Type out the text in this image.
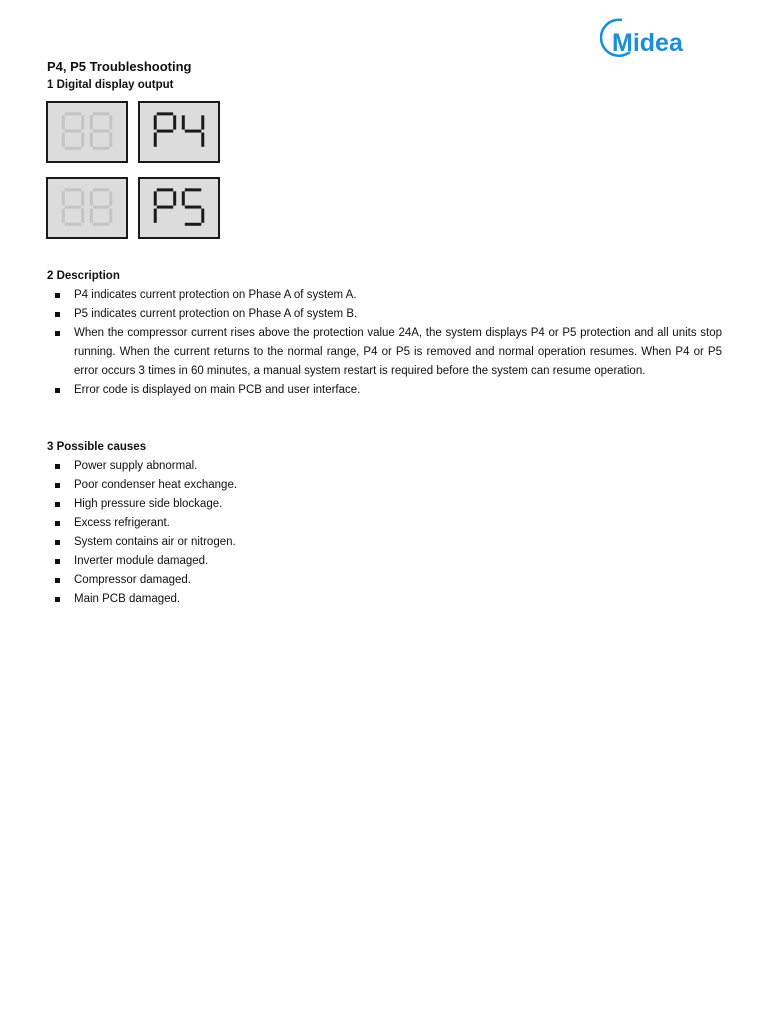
Midea
P4, P5 Troubleshooting
1 Digital display output
2 Description
P4 indicates current protection on Phase A of system A.
P5 indicates current protection on Phase A of system B.
When the compressor current rises above the protection value 24A, the system displays P4 or P5 protection and all units stop running. When the current returns to the normal range, P4 or P5 is removed and normal operation resumes. When P4 or P5 error occurs 3 times in 60 minutes, a manual system restart is required before the system can resume operation.
Error code is displayed on main PCB and user interface.
3 Possible causes
Power supply abnormal.
Poor condenser heat exchange.
High pressure side blockage.
Excess refrigerant.
System contains air or nitrogen.
Inverter module damaged.
Compressor damaged.
Main PCB damaged.
